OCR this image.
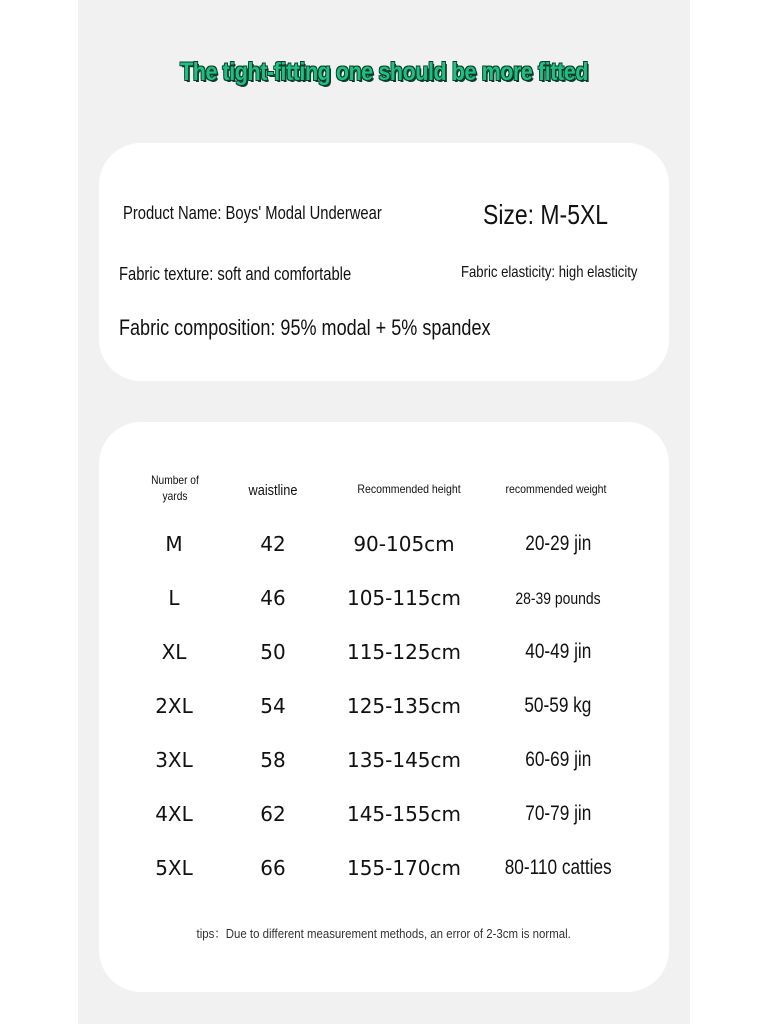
The tight-fitting one should be more fitted
Product Name: Boys' Modal Underwear	Size: M-5XL
Fabric texture: soft and comfortable	Fabric elasticity: high elasticity
Fabric composition: 95% modal + 5% spandex
Number of yards	waistline	Recommended height	recommended weight
M	42	90-105cm	20-29 jin
L	46	105-115cm	28-39 pounds
XL	50	115-125cm	40-49 jin
2XL	54	125-135cm	50-59 kg
3XL	58	135-145cm	60-69 jin
4XL	62	145-155cm	70-79 jin
5XL	66	155-170cm	80-110 catties
tips：Due to different measurement methods, an error of 2-3cm is normal.
